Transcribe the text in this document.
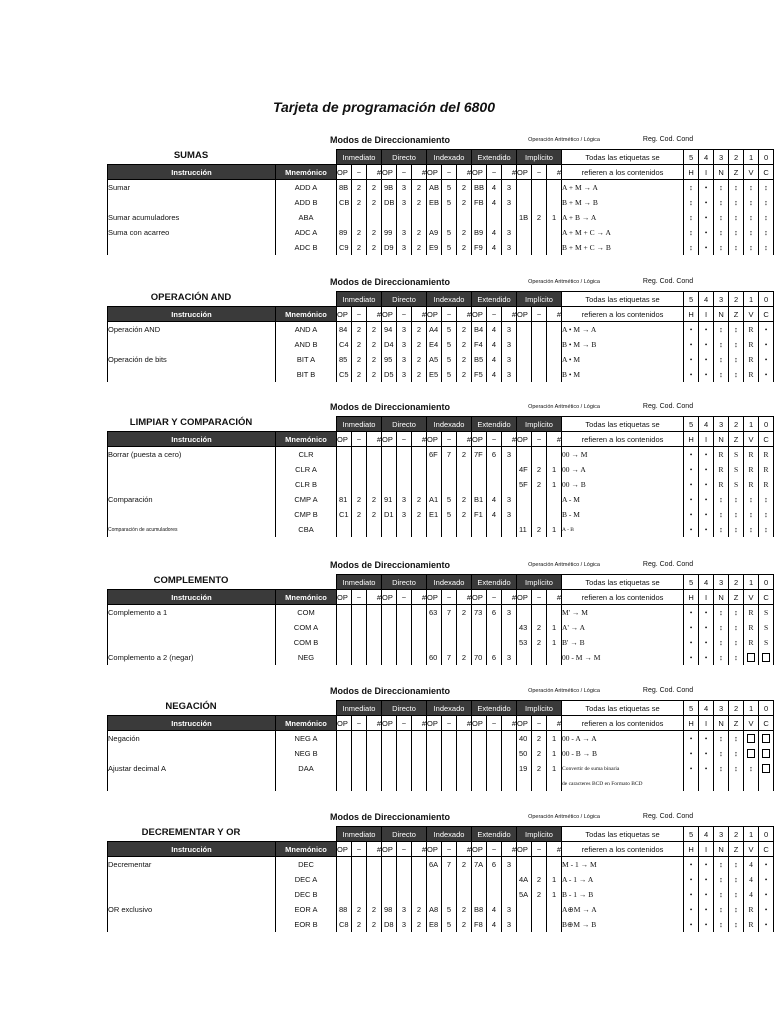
Tarjeta de programación del 6800
Modos de Direccionamiento	Operación Aritmético / Lógica	Reg. Cod. Cond
SUMAS
		Inmediato			Directo			Indexado			Extendido			Implícito			Todas las etiquetas se	5	4	3	2	1	0
Instrucción	Mnemónico	OP	~	#	OP	~	#	OP	~	#	OP	~	#	OP	~	#	refieren a los contenidos	H	I	N	Z	V	C
Sumar	ADD A	8B	2	2	9B	3	2	AB	5	2	BB	4	3				A + M → A	↕	•	↕	↕	↕	↕
	ADD B	CB	2	2	DB	3	2	EB	5	2	FB	4	3				B + M → B	↕	•	↕	↕	↕	↕
Sumar acumuladores	ABA													1B	2	1	A + B → A	↕	•	↕	↕	↕	↕
Suma con acarreo	ADC A	89	2	2	99	3	2	A9	5	2	B9	4	3				A + M + C → A	↕	•	↕	↕	↕	↕
	ADC B	C9	2	2	D9	3	2	E9	5	2	F9	4	3				B + M + C → B	↕	•	↕	↕	↕	↕
Modos de Direccionamiento	Operación Aritmético / Lógica	Reg. Cod. Cond
OPERACIÓN AND
		Inmediato			Directo			Indexado			Extendido			Implícito			Todas las etiquetas se	5	4	3	2	1	0
Instrucción	Mnemónico	OP	~	#	OP	~	#	OP	~	#	OP	~	#	OP	~	#	refieren a los contenidos	H	I	N	Z	V	C
Operación AND	AND A	84	2	2	94	3	2	A4	5	2	B4	4	3				A • M → A	•	•	↕	↕	R	•
	AND B	C4	2	2	D4	3	2	E4	5	2	F4	4	3				B • M → B	•	•	↕	↕	R	•
Operación de bits	BIT A	85	2	2	95	3	2	A5	5	2	B5	4	3				A • M	•	•	↕	↕	R	•
	BIT B	C5	2	2	D5	3	2	E5	5	2	F5	4	3				B • M	•	•	↕	↕	R	•
Modos de Direccionamiento	Operación Aritmético / Lógica	Reg. Cod. Cond
LIMPIAR Y COMPARACIÓN
		Inmediato			Directo			Indexado			Extendido			Implícito			Todas las etiquetas se	5	4	3	2	1	0
Instrucción	Mnemónico	OP	~	#	OP	~	#	OP	~	#	OP	~	#	OP	~	#	refieren a los contenidos	H	I	N	Z	V	C
Borrar (puesta a cero)	CLR							6F	7	2	7F	6	3				00 → M	•	•	R	S	R	R
	CLR A													4F	2	1	00 → A	•	•	R	S	R	R
	CLR B													5F	2	1	00 → B	•	•	R	S	R	R
Comparación	CMP A	81	2	2	91	3	2	A1	5	2	B1	4	3				A - M	•	•	↕	↕	↕	↕
	CMP B	C1	2	2	D1	3	2	E1	5	2	F1	4	3				B - M	•	•	↕	↕	↕	↕
Comparación de acumuladores	CBA													11	2	1	A - B	•	•	↕	↕	↕	↕
Modos de Direccionamiento	Operación Aritmético / Lógica	Reg. Cod. Cond
COMPLEMENTO
		Inmediato			Directo			Indexado			Extendido			Implícito			Todas las etiquetas se	5	4	3	2	1	0
Instrucción	Mnemónico	OP	~	#	OP	~	#	OP	~	#	OP	~	#	OP	~	#	refieren a los contenidos	H	I	N	Z	V	C
Complemento a 1	COM							63	7	2	73	6	3				M' → M	•	•	↕	↕	R	S
	COM A													43	2	1	A' → A	•	•	↕	↕	R	S
	COM B													53	2	1	B' → B	•	•	↕	↕	R	S
Complemento a 2 (negar)	NEG							60	7	2	70	6	3				00 - M → M	•	•	↕	↕		
Modos de Direccionamiento	Operación Aritmético / Lógica	Reg. Cod. Cond
NEGACIÓN
		Inmediato			Directo			Indexado			Extendido			Implícito			Todas las etiquetas se	5	4	3	2	1	0
Instrucción	Mnemónico	OP	~	#	OP	~	#	OP	~	#	OP	~	#	OP	~	#	refieren a los contenidos	H	I	N	Z	V	C
Negación	NEG A													40	2	1	00 - A → A	•	•	↕	↕		
	NEG B													50	2	1	00 - B → B	•	•	↕	↕		
Ajustar decimal A	DAA													19	2	1	Convertir de suma binaria	•	•	↕	↕	↕	
																	de caracteres BCD en Formato BCD						
Modos de Direccionamiento	Operación Aritmético / Lógica	Reg. Cod. Cond
DECREMENTAR Y OR
		Inmediato			Directo			Indexado			Extendido			Implícito			Todas las etiquetas se	5	4	3	2	1	0
Instrucción	Mnemónico	OP	~	#	OP	~	#	OP	~	#	OP	~	#	OP	~	#	refieren a los contenidos	H	I	N	Z	V	C
Decrementar	DEC							6A	7	2	7A	6	3				M - 1 → M	•	•	↕	↕	4	•
	DEC A													4A	2	1	A - 1 → A	•	•	↕	↕	4	•
	DEC B													5A	2	1	B - 1 → B	•	•	↕	↕	4	•
OR exclusivo	EOR A	88	2	2	98	3	2	A8	5	2	B8	4	3				A⊕M → A	•	•	↕	↕	R	•
	EOR B	C8	2	2	D8	3	2	E8	5	2	F8	4	3				B⊕M → B	•	•	↕	↕	R	•
